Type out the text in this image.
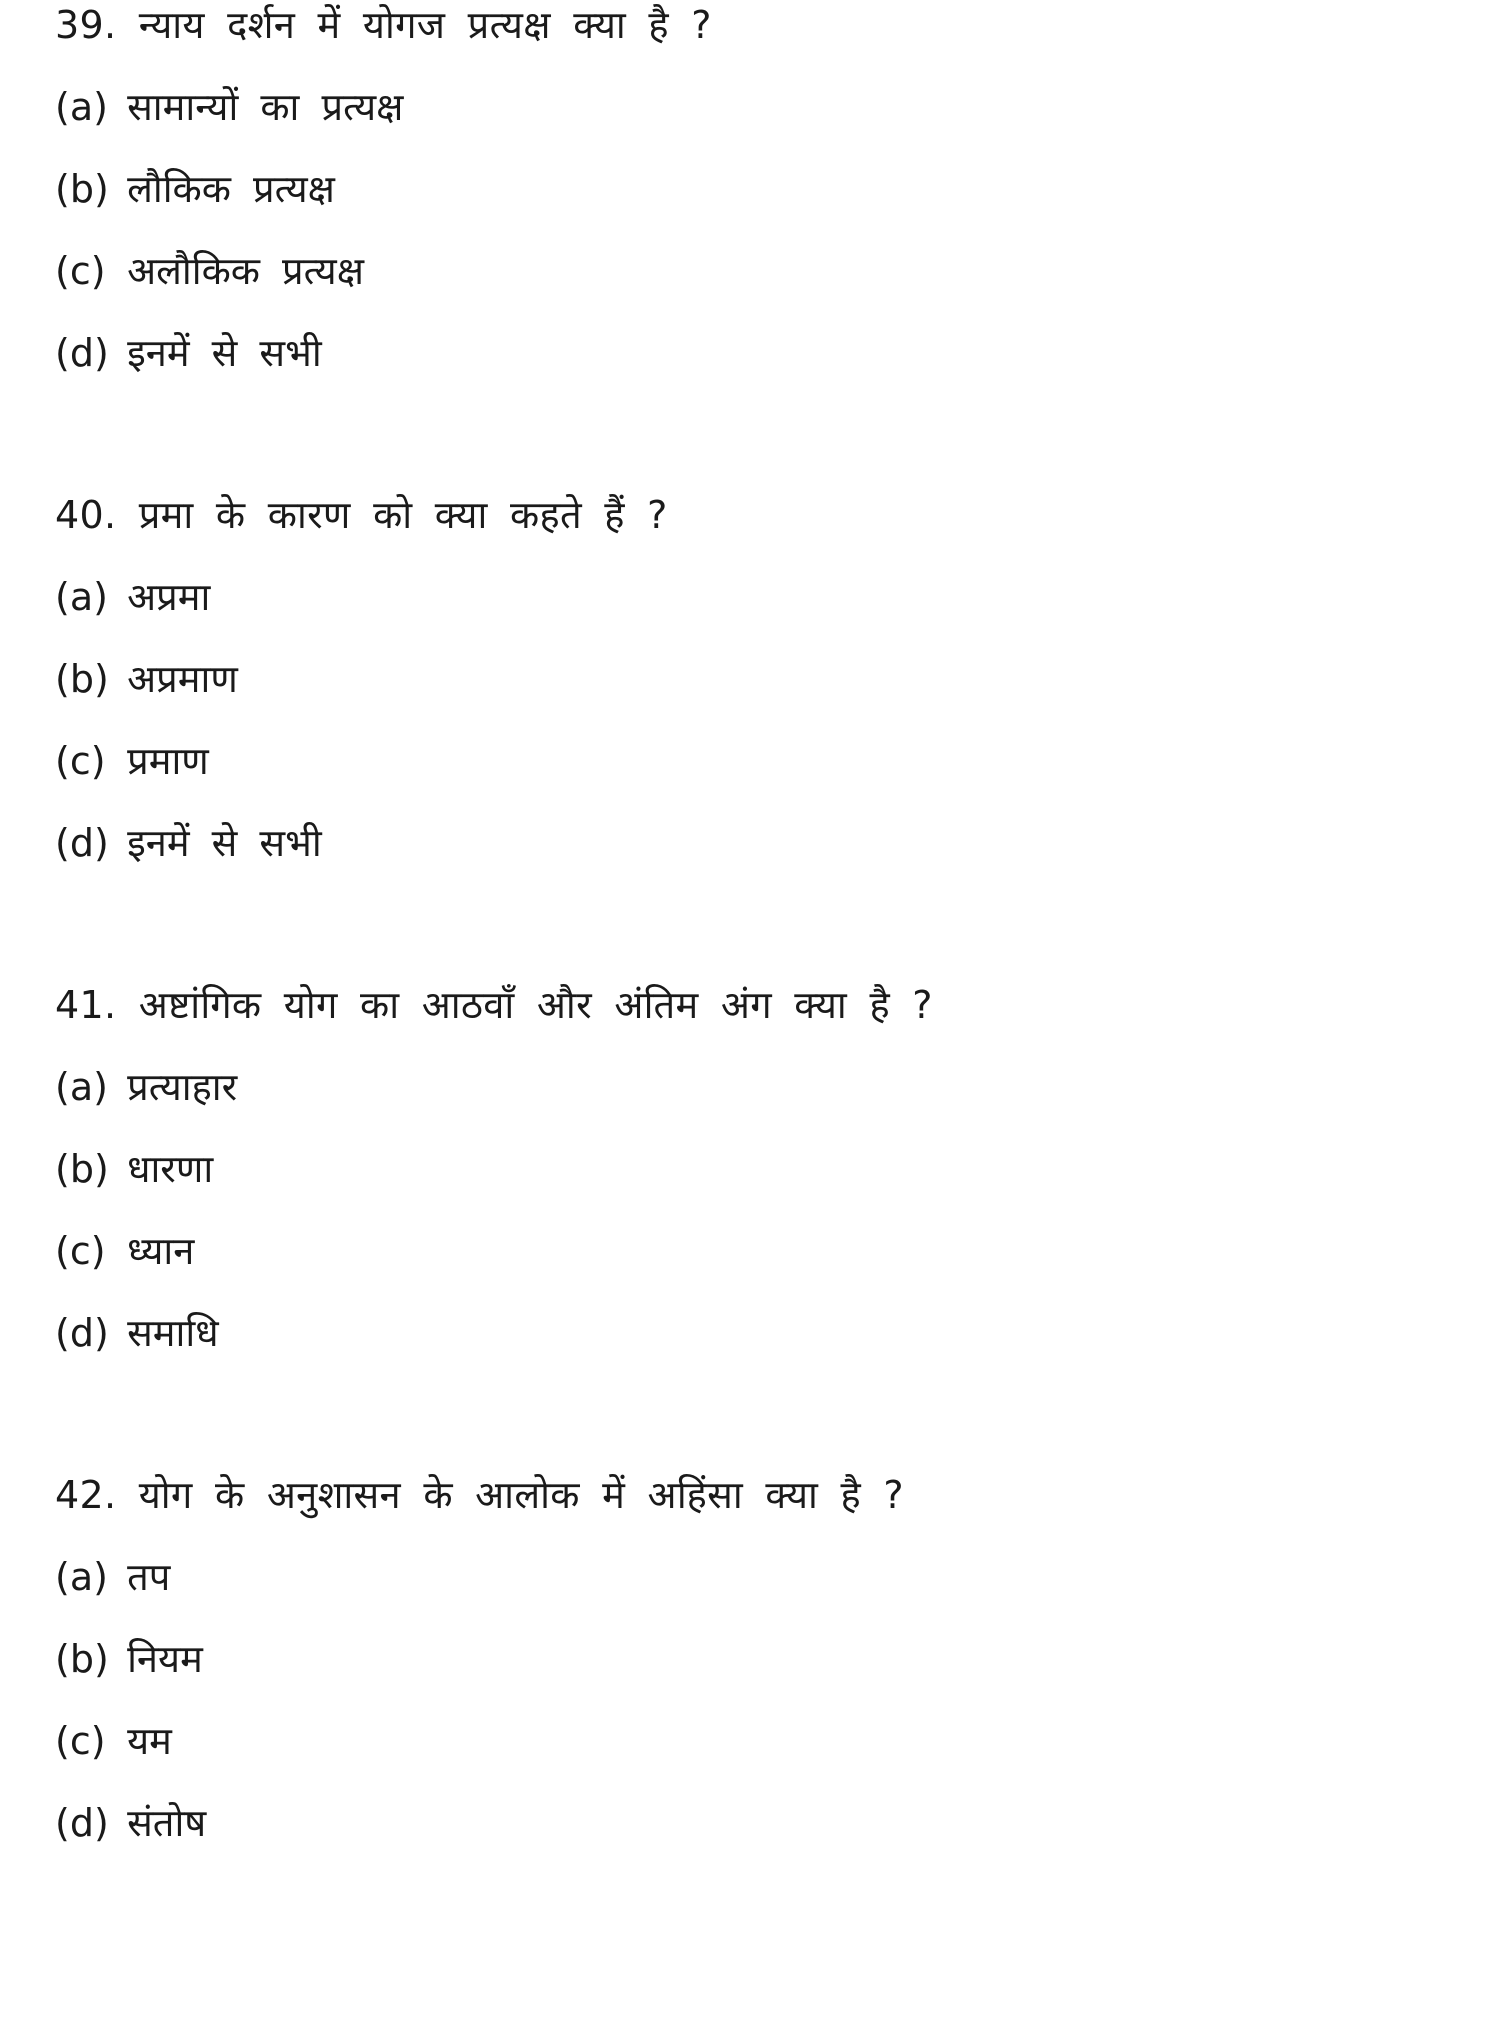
39. न्याय दर्शन में योगज प्रत्यक्ष क्या है ?
(a) सामान्यों का प्रत्यक्ष
(b) लौकिक प्रत्यक्ष
(c) अलौकिक प्रत्यक्ष
(d) इनमें से सभी
40. प्रमा के कारण को क्या कहते हैं ?
(a) अप्रमा
(b) अप्रमाण
(c) प्रमाण
(d) इनमें से सभी
41. अष्टांगिक योग का आठवाँ और अंतिम अंग क्या है ?
(a) प्रत्याहार
(b) धारणा
(c) ध्यान
(d) समाधि
42. योग के अनुशासन के आलोक में अहिंसा क्या है ?
(a) तप
(b) नियम
(c) यम
(d) संतोष
